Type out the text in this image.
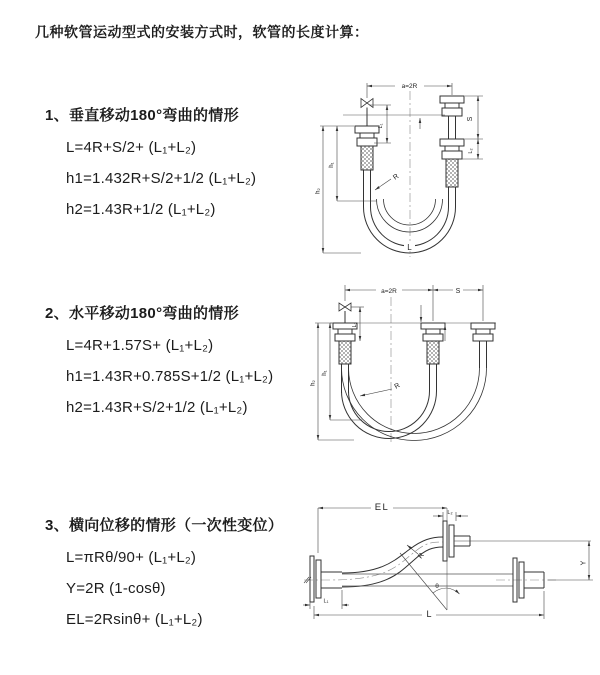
几种软管运动型式的安装方式时，软管的长度计算：
1、垂直移动180°弯曲的情形
L=4R+S/2+ (L₁+L₂)
h1=1.432R+S/2+1/2 (L₁+L₂)
h2=1.43R+1/2 (L₁+L₂)
2、水平移动180°弯曲的情形
L=4R+1.57S+ (L₁+L₂)
h1=1.43R+0.785S+1/2 (L₁+L₂)
h2=1.43R+S/2+1/2 (L₁+L₂)
3、横向位移的情形（一次性变位）
L=πRθ/90+ (L₁+L₂)
Y=2R (1-cosθ)
EL=2Rsinθ+ (L₁+L₂)
a=2R
S
L₂
L₁
h₁
h₂
R
L
a=2R	S
L₁
h₁
h₂	R
EL	L₂
Y
R
θ
L
L₁
